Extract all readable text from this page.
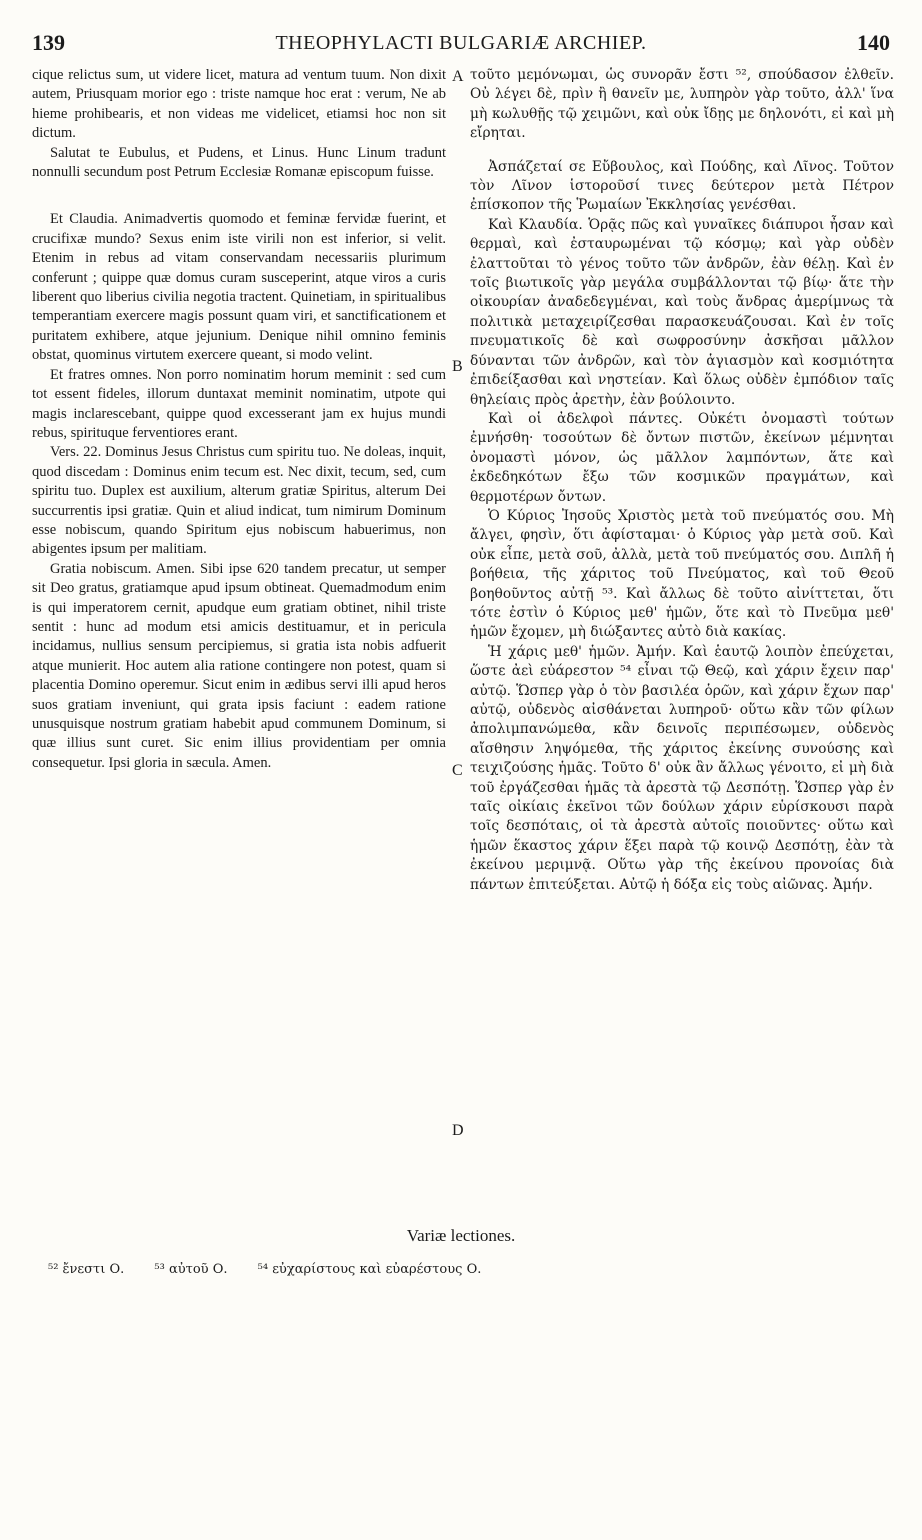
139	THEOPHYLACTI BULGARIÆ ARCHIEP.	140

cique relictus sum, ut videre licet, matura ad ventum tuum. Non dixit autem, Priusquam morior ego : triste namque hoc erat : verum, Ne ab hieme prohibearis, et non videas me videlicet, etiamsi hoc non sit dictum.

Salutat te Eubulus, et Pudens, et Linus. Hunc Linum tradunt nonnulli secundum post Petrum Ecclesiæ Romanæ episcopum fuisse.

Et Claudia. Animadvertis quomodo et feminæ fervidæ fuerint, et crucifixæ mundo? Sexus enim iste virili non est inferior, si velit. Etenim in rebus ad vitam conservandam necessariis plurimum conferunt ; quippe quæ domus curam susceperint, atque viros a curis liberent quo liberius civilia negotia tractent. Quinetiam, in spiritualibus temperantiam exercere magis possunt quam viri, et sanctificationem et puritatem exhibere, atque jejunium. Denique nihil omnino feminis obstat, quominus virtutem exercere queant, si modo velint.

Et fratres omnes. Non porro nominatim horum meminit : sed cum tot essent fideles, illorum duntaxat meminit nominatim, utpote qui magis inclarescebant, quippe quod excesserant jam ex hujus mundi rebus, spirituque ferventiores erant.

Vers. 22. Dominus Jesus Christus cum spiritu tuo. Ne doleas, inquit, quod discedam : Dominus enim tecum est. Nec dixit, tecum, sed, cum spiritu tuo. Duplex est auxilium, alterum gratiæ Spiritus, alterum Dei succurrentis ipsi gratiæ. Quin et aliud indicat, tum nimirum Dominum esse nobiscum, quando Spiritum ejus nobiscum habuerimus, non abigentes ipsum per malitiam.

Gratia nobiscum. Amen. Sibi ipse 620 tandem precatur, ut semper sit Deo gratus, gratiamque apud ipsum obtineat. Quemadmodum enim is qui imperatorem cernit, apudque eum gratiam obtinet, nihil triste sentit : hunc ad modum etsi amicis destituamur, et in pericula incidamus, nullius sensum percipiemus, si gratia ista nobis adfuerit atque munierit. Hoc autem alia ratione contingere non potest, quam si placentia Domino operemur. Sicut enim in ædibus servi illi apud heros suos gratiam inveniunt, qui grata ipsis faciunt : eadem ratione unusquisque nostrum gratiam habebit apud communem Dominum, si quæ illius sunt curet. Sic enim illius providentiam per omnia consequetur. Ipsi gloria in sæcula. Amen.

A
B
C
D

τοῦτο μεμόνωμαι, ὡς συνορᾶν ἔστι ⁵², σπούδασον ἐλθεῖν. Οὐ λέγει δὲ, πρὶν ἢ θανεῖν με, λυπηρὸν γὰρ τοῦτο, ἀλλ' ἵνα μὴ κωλυθῇς τῷ χειμῶνι, καὶ οὐκ ἴδῃς με δηλονότι, εἰ καὶ μὴ εἴρηται.

Ἀσπάζεταί σε Εὔβουλος, καὶ Πούδης, καὶ Λῖνος. Τοῦτον τὸν Λῖνον ἱστοροῦσί τινες δεύτερον μετὰ Πέτρον ἐπίσκοπον τῆς Ῥωμαίων Ἐκκλησίας γενέσθαι.

Καὶ Κλαυδία. Ὁρᾷς πῶς καὶ γυναῖκες διάπυροι ἦσαν καὶ θερμαὶ, καὶ ἐσταυρωμέναι τῷ κόσμῳ; καὶ γὰρ οὐδὲν ἐλαττοῦται τὸ γένος τοῦτο τῶν ἀνδρῶν, ἐὰν θέλῃ. Καὶ ἐν τοῖς βιωτικοῖς γὰρ μεγάλα συμβάλλονται τῷ βίῳ· ἅτε τὴν οἰκουρίαν ἀναδεδεγμέναι, καὶ τοὺς ἄνδρας ἀμερίμνως τὰ πολιτικὰ μεταχειρίζεσθαι παρασκευάζουσαι. Καὶ ἐν τοῖς πνευματικοῖς δὲ καὶ σωφροσύνην ἀσκῆσαι μᾶλλον δύνανται τῶν ἀνδρῶν, καὶ τὸν ἁγιασμὸν καὶ κοσμιότητα ἐπιδείξασθαι καὶ νηστείαν. Καὶ ὅλως οὐδὲν ἐμπόδιον ταῖς θηλείαις πρὸς ἀρετὴν, ἐὰν βούλοιντο.

Καὶ οἱ ἀδελφοὶ πάντες. Οὐκέτι ὀνομαστὶ τούτων ἐμνήσθη· τοσούτων δὲ ὄντων πιστῶν, ἐκείνων μέμνηται ὀνομαστὶ μόνον, ὡς μᾶλλον λαμπόντων, ἅτε καὶ ἐκδεδηκότων ἔξω τῶν κοσμικῶν πραγμάτων, καὶ θερμοτέρων ὄντων.

Ὁ Κύριος Ἰησοῦς Χριστὸς μετὰ τοῦ πνεύματός σου. Μὴ ἄλγει, φησὶν, ὅτι ἀφίσταμαι· ὁ Κύριος γὰρ μετὰ σοῦ. Καὶ οὐκ εἶπε, μετὰ σοῦ, ἀλλὰ, μετὰ τοῦ πνεύματός σου. Διπλῆ ἡ βοήθεια, τῆς χάριτος τοῦ Πνεύματος, καὶ τοῦ Θεοῦ βοηθοῦντος αὐτῇ ⁵³. Καὶ ἄλλως δὲ τοῦτο αἰνίττεται, ὅτι τότε ἐστὶν ὁ Κύριος μεθ' ἡμῶν, ὅτε καὶ τὸ Πνεῦμα μεθ' ἡμῶν ἔχομεν, μὴ διώξαντες αὐτὸ διὰ κακίας.

Ἡ χάρις μεθ' ἡμῶν. Ἀμήν. Καὶ ἑαυτῷ λοιπὸν ἐπεύχεται, ὥστε ἀεὶ εὐάρεστον ⁵⁴ εἶναι τῷ Θεῷ, καὶ χάριν ἔχειν παρ' αὐτῷ. Ὥσπερ γὰρ ὁ τὸν βασιλέα ὁρῶν, καὶ χάριν ἔχων παρ' αὐτῷ, οὐδενὸς αἰσθάνεται λυπηροῦ· οὕτω κἂν τῶν φίλων ἀπολιμπανώμεθα, κἂν δεινοῖς περιπέσωμεν, οὐδενὸς αἴσθησιν ληψόμεθα, τῆς χάριτος ἐκείνης συνούσης καὶ τειχιζούσης ἡμᾶς. Τοῦτο δ' οὐκ ἂν ἄλλως γένοιτο, εἰ μὴ διὰ τοῦ ἐργάζεσθαι ἡμᾶς τὰ ἀρεστὰ τῷ Δεσπότῃ. Ὥσπερ γὰρ ἐν ταῖς οἰκίαις ἐκεῖνοι τῶν δούλων χάριν εὑρίσκουσι παρὰ τοῖς δεσπόταις, οἱ τὰ ἀρεστὰ αὐτοῖς ποιοῦντες· οὕτω καὶ ἡμῶν ἕκαστος χάριν ἕξει παρὰ τῷ κοινῷ Δεσπότῃ, ἐὰν τὰ ἐκείνου μεριμνᾷ. Οὕτω γὰρ τῆς ἐκείνου προνοίας διὰ πάντων ἐπιτεύξεται. Αὐτῷ ἡ δόξα εἰς τοὺς αἰῶνας. Ἀμήν.

Variæ lectiones.
⁵² ἔνεστι Ο. ⁵³ αὐτοῦ Ο. ⁵⁴ εὐχαρίστους καὶ εὐαρέστους Ο.
